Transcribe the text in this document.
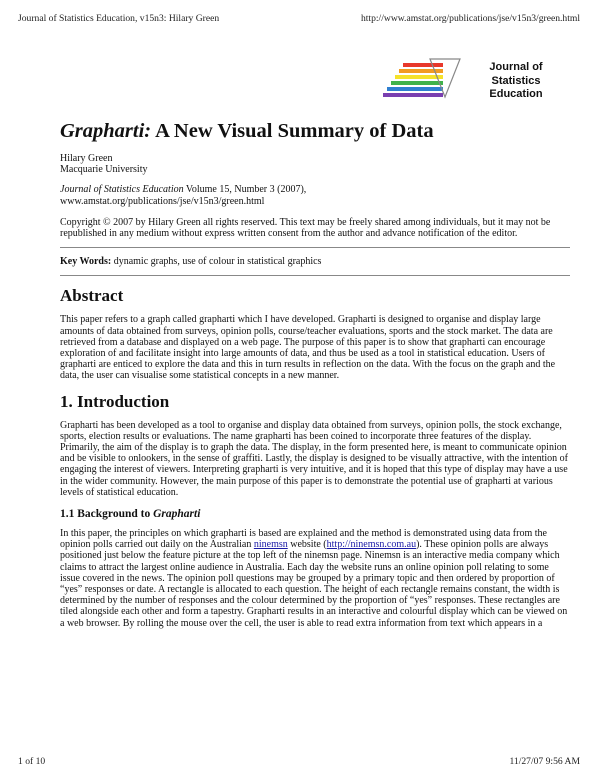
Journal of Statistics Education, v15n3: Hilary Green	http://www.amstat.org/publications/jse/v15n3/green.html
Journal of
Statistics
Education
Grapharti: A New Visual Summary of Data
Hilary Green
Macquarie University
Journal of Statistics Education Volume 15, Number 3 (2007),
www.amstat.org/publications/jse/v15n3/green.html

Copyright © 2007 by Hilary Green all rights reserved. This text may be freely shared among individuals, but it may not be republished in any medium without express written consent from the author and advance notification of the editor.

Key Words: dynamic graphs, use of colour in statistical graphics

Abstract

This paper refers to a graph called grapharti which I have developed. Grapharti is designed to organise and display large amounts of data obtained from surveys, opinion polls, course/teacher evaluations, sports and the stock market. The data are retrieved from a database and displayed on a web page. The purpose of this paper is to show that grapharti can encourage exploration of and facilitate insight into large amounts of data, and thus be used as a tool in statistical education. Users of grapharti are enticed to explore the data and this in turn results in reflection on the data. With the focus on the graph and the data, the user can visualise some statistical concepts in a new manner.

1. Introduction

Grapharti has been developed as a tool to organise and display data obtained from surveys, opinion polls, the stock exchange, sports, election results or evaluations. The name grapharti has been coined to incorporate three features of the display. Primarily, the aim of the display is to graph the data. The display, in the form presented here, is meant to communicate opinion and be visible to onlookers, in the sense of graffiti. Lastly, the display is designed to be visually attractive, with the intention of engaging the interest of viewers. Interpreting grapharti is very intuitive, and it is hoped that this type of display may have a use in the wider community. However, the main purpose of this paper is to demonstrate the potential use of grapharti at various levels of statistical education.

1.1 Background to Grapharti

In this paper, the principles on which grapharti is based are explained and the method is demonstrated using data from the opinion polls carried out daily on the Australian ninemsn website (http://ninemsn.com.au). These opinion polls are always positioned just below the feature picture at the top left of the ninemsn page. Ninemsn is an interactive media company which claims to attract the largest online audience in Australia. Each day the website runs an online opinion poll relating to some issue covered in the news. The opinion poll questions may be grouped by a primary topic and then ordered by proportion of “yes” responses or date. A rectangle is allocated to each question. The height of each rectangle remains constant, the width is determined by the number of responses and the colour determined by the proportion of “yes” responses. These rectangles are tiled alongside each other and form a tapestry. Grapharti results in an interactive and colourful display which can be viewed on a web browser. By rolling the mouse over the cell, the user is able to read extra information from text which appears in a

1 of 10	11/27/07 9:56 AM
